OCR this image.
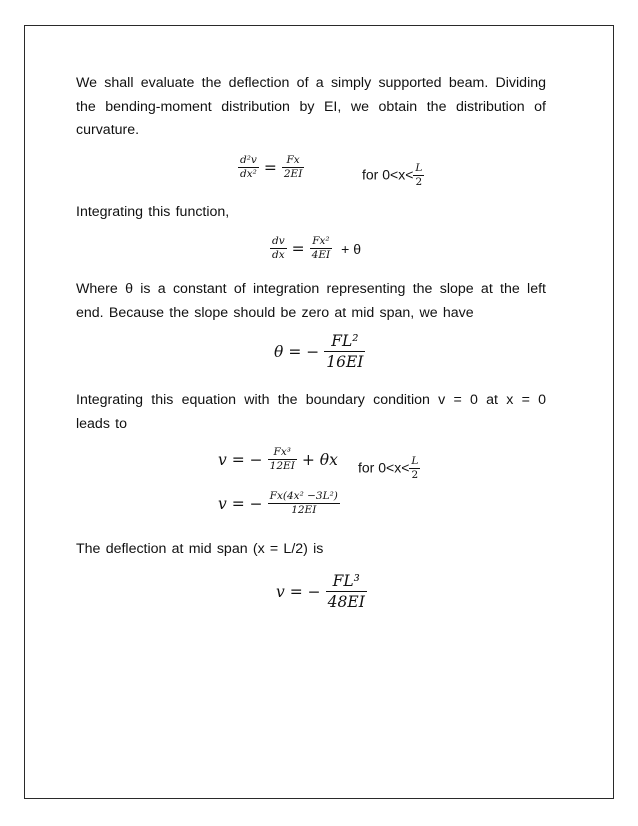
We shall evaluate the deflection of a simply supported beam. Dividing the bending-moment distribution by EI, we obtain the distribution of curvature.
$\frac{\text{d²v}}{\text{dx²}} = \frac{Fx}{2EI}$	for $0<x< \frac{L}{2}$
Integrating this function,
$\frac{dv}{dx} = \frac{\text{Fx²}}{4EI} + \theta$
Where θ is a constant of integration representing the slope at the left end. Because the slope should be zero at mid span, we have
θ = − $\frac{\text{FL²}}{16EI}$
Integrating this equation with the boundary condition v = 0 at x = 0 leads to
v = − $\frac{\text{Fx³}}{12EI} + \theta x$	for $0<x< \frac{L}{2}$
v = − $\frac{\text{Fx(4x² −3L²)}}{12EI}$
The deflection at mid span (x = L/2) is
v = − $\frac{\text{FL³}}{48EI}$
